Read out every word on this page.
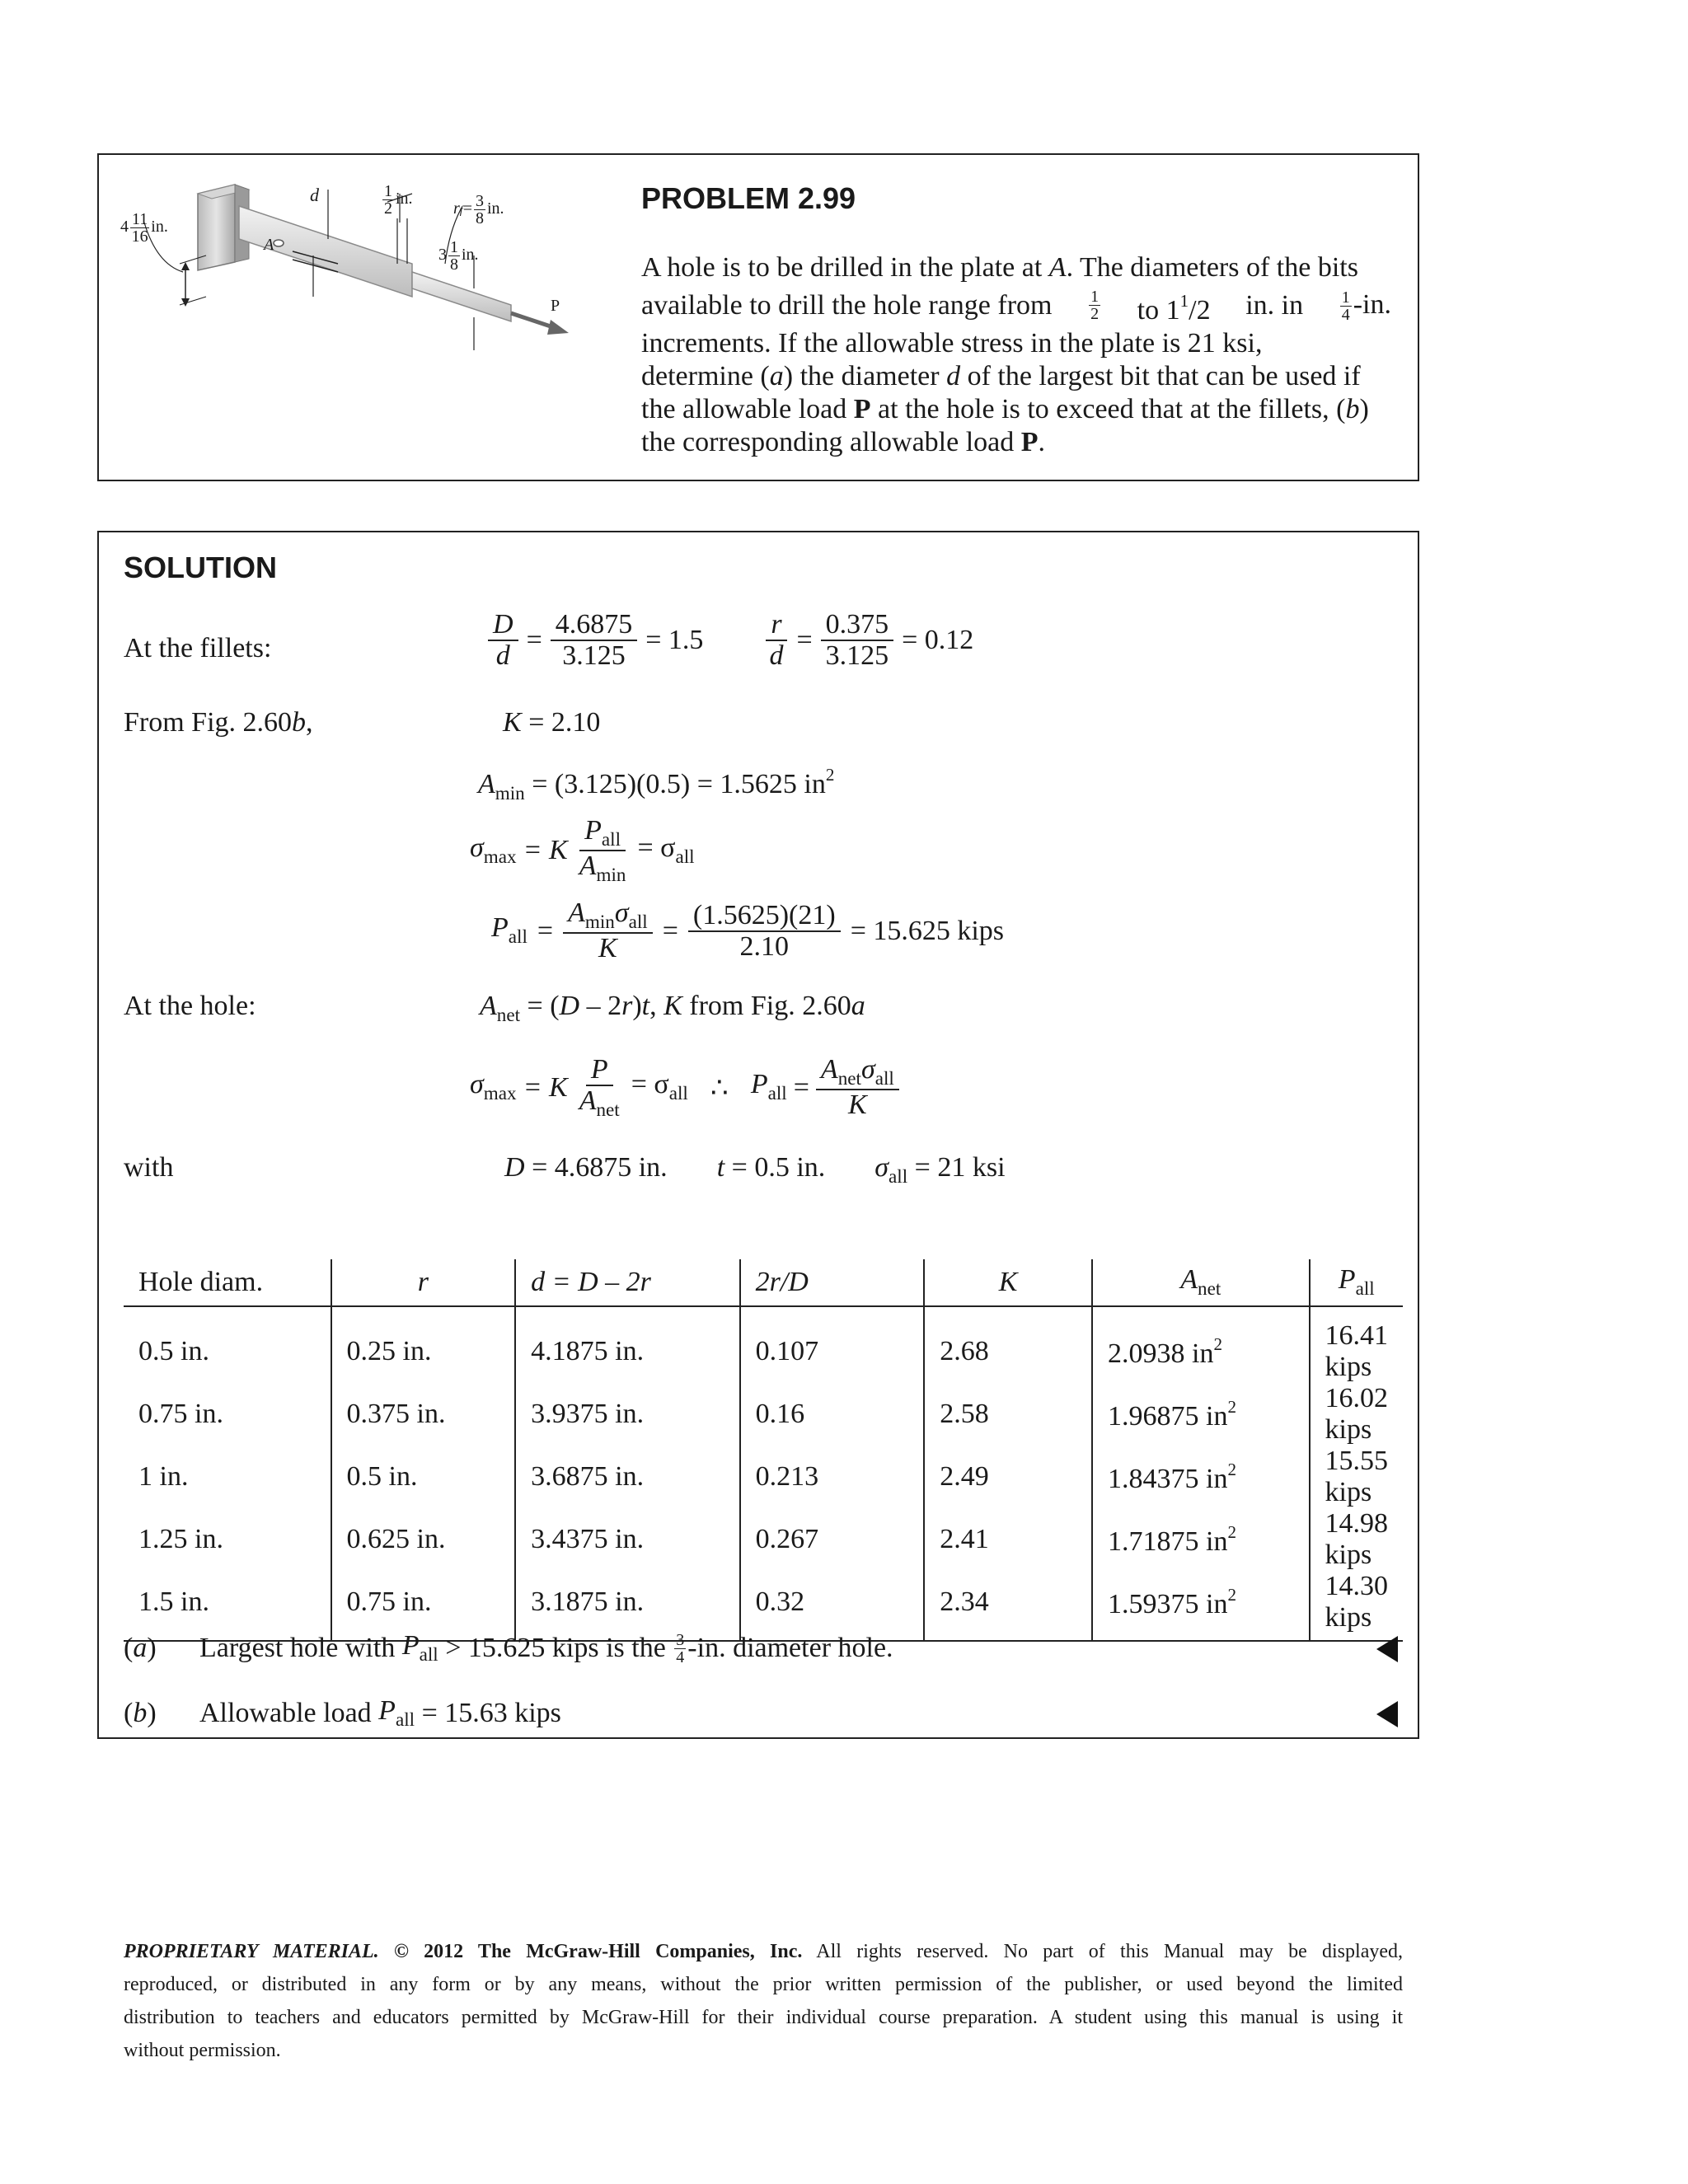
$4 \frac{11}{16}$ in.
d	$\frac{1}{2}$ in.
$rf= \frac{3}{8}$ in.
$3 \frac{1}{8}$ in.
A
P
PROBLEM 2.99
A hole is to be drilled in the plate at A. The diameters of the bits
available to drill the hole range from 1
2 to $1^1/2$ in. in $\frac{1}{4} -in$.
increments. If the allowable stress in the plate is 21 ksi,
determine (a) the diameter d of the largest bit that can be used if
the allowable load P at the hole is to exceed that at the fillets, (b)
the corresponding allowable load P.
SOLUTION
At the fillets:
From Fig. 2.60b,
At the hole:
with
$\frac{D}{d} = \frac{4.6875}{3.125} = 1.5 \frac{r}{d} = \frac{0.375}{3.125} = 0.12$
K = 2.10
$A_{min} = (3.125)(0.5) = 1.5625$ $in^2$
$\sigma_{max} = K \frac{P_{all}}{A_{min}} = \sigma_{all}$
$P_{all} = \frac{A_{min}\sigma_{all}}{K} = \frac{(1.5625)(21)}{2.10} = 15.625$ kips
$A_{net} = (D - 2r)t$, K from Fig. 2.60a
$\sigma_{max} = K \frac{P}{A_{net}} = \sigma_{all}$ ∴ $P_{all} = \frac{A_{net}\sigma_{all}}{K}$
D = 4.6875 in. t = 0.5 in. $\sigma_{all} = 21$ ksi
Hole diam.	r	d = D – 2r	2r/D	K	$A_{net}$	$P_{all}$
0.5 in.	0.25 in.	4.1875 in.	0.107	2.68	2.0938 $in^2$	16.41 kips
0.75 in.	0.375 in.	3.9375 in.	0.16	2.58	1.96875 $in^2$	16.02 kips
1 in.	0.5 in.	3.6875 in.	0.213	2.49	1.84375 $in^2$	15.55 kips
1.25 in.	0.625 in.	3.4375 in.	0.267	2.41	1.71875 $in^2$	14.98 kips
1.5 in.	0.75 in.	3.1875 in.	0.32	2.34	1.59375 $in^2$	14.30 kips
(a)	Largest hole with
$P_{all}$
> 15.625 kips
is the
3
4 -in.
diameter hole.
(b)	Allowable load
$P_{all}$
= 15.63 kips
PROPRIETARY MATERIAL. © 2012 The McGraw-Hill Companies, Inc. All rights reserved. No part of this Manual may be displayed,
reproduced, or distributed in any form or by any means, without the prior written permission of the publisher, or used beyond the limited
distribution to teachers and educators permitted by McGraw-Hill for their individual course preparation. A student using this manual is using it
without permission.
